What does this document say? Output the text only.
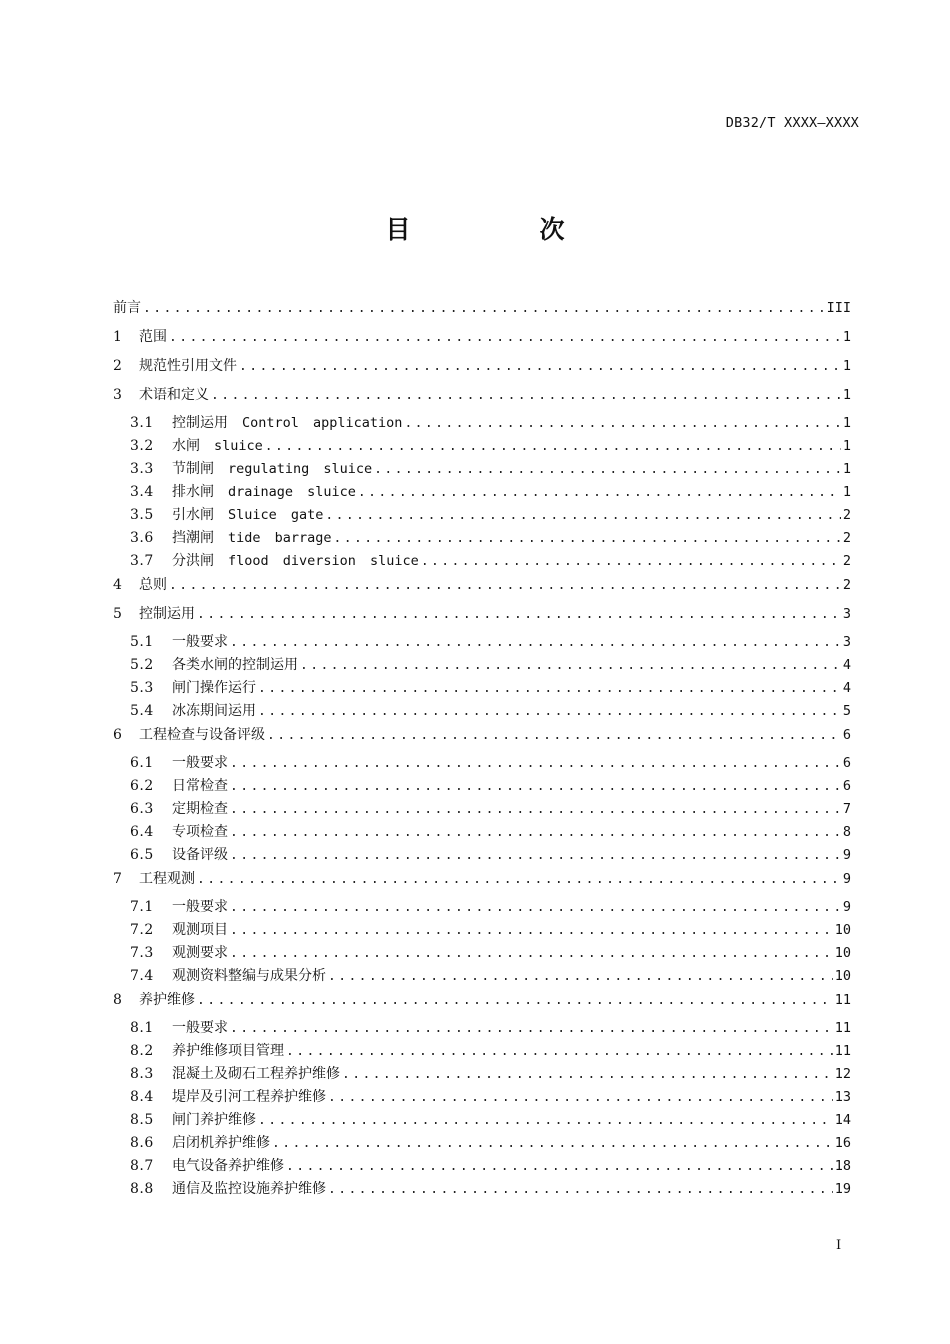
DB32/T XXXX—XXXX
目　次
前言 .....	III
1 范围 .....	1
2 规范性引用文件 .....	1
3 术语和定义 .....	1
3.1 控制运用 Control application .....	1
3.2 水闸 sluice .....	1
3.3 节制闸 regulating sluice .....	1
3.4 排水闸 drainage sluice .....	1
3.5 引水闸 Sluice gate .....	2
3.6 挡潮闸 tide barrage .....	2
3.7 分洪闸 flood diversion sluice .....	2
4 总则 .....	2
5 控制运用 .....	3
5.1 一般要求 .....	3
5.2 各类水闸的控制运用 .....	4
5.3 闸门操作运行 .....	4
5.4 冰冻期间运用 .....	5
6 工程检查与设备评级 .....	6
6.1 一般要求 .....	6
6.2 日常检查 .....	6
6.3 定期检查 .....	7
6.4 专项检查 .....	8
6.5 设备评级 .....	9
7 工程观测 .....	9
7.1 一般要求 .....	9
7.2 观测项目 .....	10
7.3 观测要求 .....	10
7.4 观测资料整编与成果分析 .....	10
8 养护维修 .....	11
8.1 一般要求 .....	11
8.2 养护维修项目管理 .....	11
8.3 混凝土及砌石工程养护维修 .....	12
8.4 堤岸及引河工程养护维修 .....	13
8.5 闸门养护维修 .....	14
8.6 启闭机养护维修 .....	16
8.7 电气设备养护维修 .....	18
8.8 通信及监控设施养护维修 .....	19
I
